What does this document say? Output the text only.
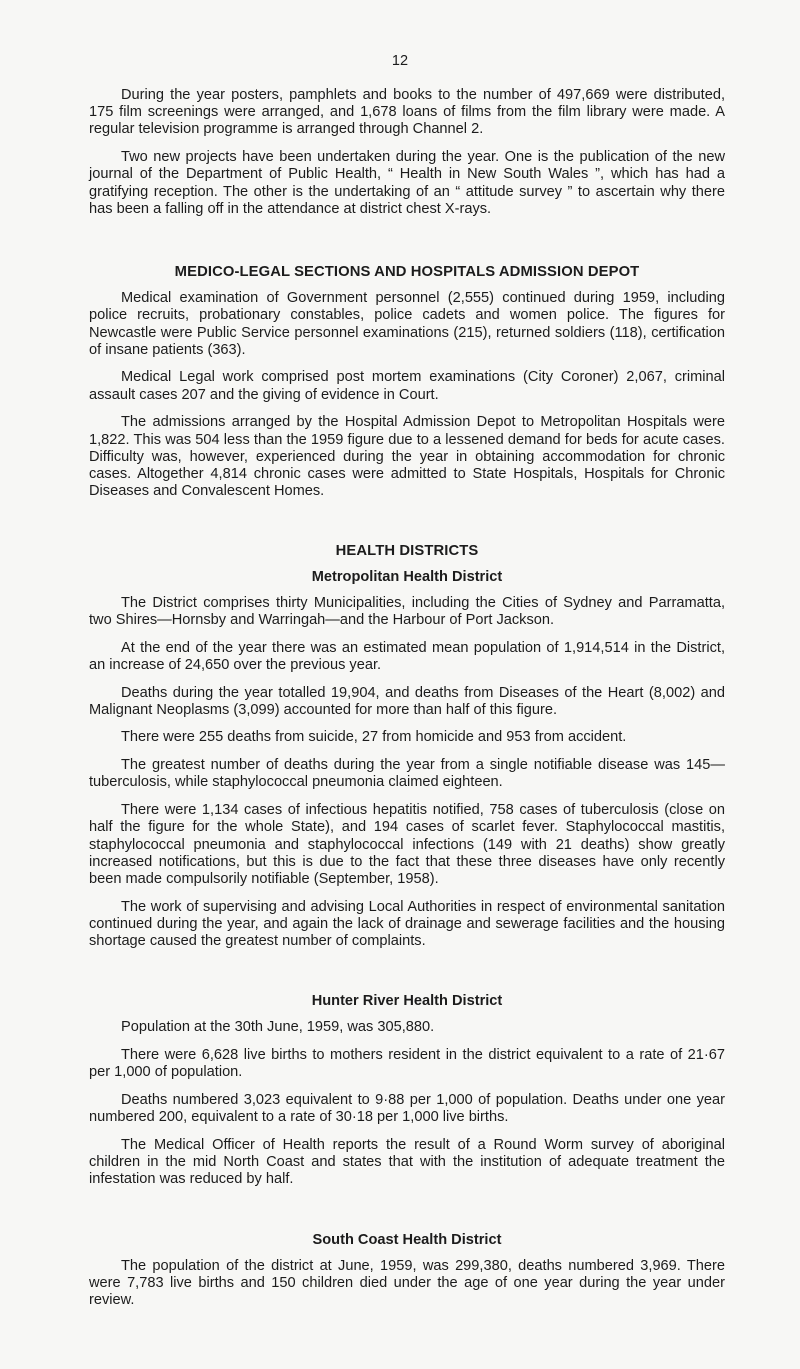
12

During the year posters, pamphlets and books to the number of 497,669 were distributed, 175 film screenings were arranged, and 1,678 loans of films from the film library were made. A regular television programme is arranged through Channel 2.

Two new projects have been undertaken during the year. One is the publication of the new journal of the Department of Public Health, “ Health in New South Wales ”, which has had a gratifying reception. The other is the undertaking of an “ attitude survey ” to ascertain why there has been a falling off in the attendance at district chest X-rays.

MEDICO-LEGAL SECTIONS AND HOSPITALS ADMISSION DEPOT

Medical examination of Government personnel (2,555) continued during 1959, including police recruits, probationary constables, police cadets and women police. The figures for Newcastle were Public Service personnel examinations (215), returned soldiers (118), certification of insane patients (363).

Medical Legal work comprised post mortem examinations (City Coroner) 2,067, criminal assault cases 207 and the giving of evidence in Court.

The admissions arranged by the Hospital Admission Depot to Metropolitan Hospitals were 1,822. This was 504 less than the 1959 figure due to a lessened demand for beds for acute cases. Difficulty was, however, experienced during the year in obtaining accommodation for chronic cases. Altogether 4,814 chronic cases were admitted to State Hospitals, Hospitals for Chronic Diseases and Convalescent Homes.

HEALTH DISTRICTS
Metropolitan Health District

The District comprises thirty Municipalities, including the Cities of Sydney and Parramatta, two Shires—Hornsby and Warringah—and the Harbour of Port Jackson.

At the end of the year there was an estimated mean population of 1,914,514 in the District, an increase of 24,650 over the previous year.

Deaths during the year totalled 19,904, and deaths from Diseases of the Heart (8,002) and Malignant Neoplasms (3,099) accounted for more than half of this figure.

There were 255 deaths from suicide, 27 from homicide and 953 from accident.

The greatest number of deaths during the year from a single notifiable disease was 145— tuberculosis, while staphylococcal pneumonia claimed eighteen.

There were 1,134 cases of infectious hepatitis notified, 758 cases of tuberculosis (close on half the figure for the whole State), and 194 cases of scarlet fever. Staphylococcal mastitis, staphylococcal pneumonia and staphylococcal infections (149 with 21 deaths) show greatly increased notifications, but this is due to the fact that these three diseases have only recently been made compulsorily notifiable (September, 1958).

The work of supervising and advising Local Authorities in respect of environmental sanitation continued during the year, and again the lack of drainage and sewerage facilities and the housing shortage caused the greatest number of complaints.

Hunter River Health District

Population at the 30th June, 1959, was 305,880.

There were 6,628 live births to mothers resident in the district equivalent to a rate of 21·67 per 1,000 of population.

Deaths numbered 3,023 equivalent to 9·88 per 1,000 of population. Deaths under one year numbered 200, equivalent to a rate of 30·18 per 1,000 live births.

The Medical Officer of Health reports the result of a Round Worm survey of aboriginal children in the mid North Coast and states that with the institution of adequate treatment the infestation was reduced by half.

South Coast Health District

The population of the district at June, 1959, was 299,380, deaths numbered 3,969. There were 7,783 live births and 150 children died under the age of one year during the year under review.
